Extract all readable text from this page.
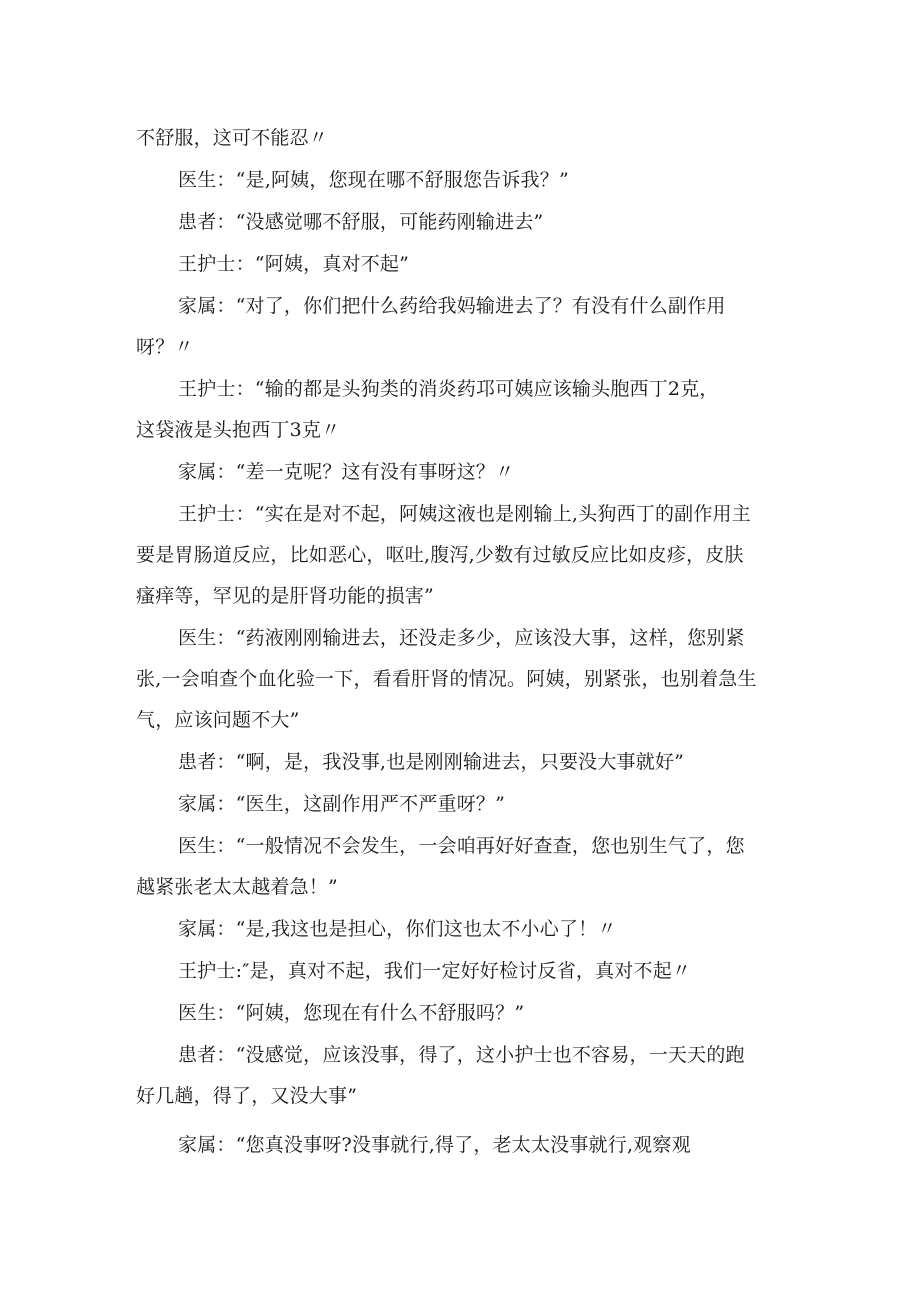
不舒服，这可不能忍〃
医生：“是,阿姨，您现在哪不舒服您告诉我？”
患者：“没感觉哪不舒服，可能药刚输进去”
王护士：“阿姨，真对不起”
家属：“对了，你们把什么药给我妈输进去了？有没有什么副作用
呀？〃
王护士：“输的都是头狗类的消炎药邛可姨应该输头胞西丁2克，
这袋液是头抱西丁3克〃
家属：“差一克呢？这有没有事呀这？〃
王护士：“实在是对不起，阿姨这液也是刚输上,头狗西丁的副作用主
要是胃肠道反应，比如恶心，呕吐,腹泻,少数有过敏反应比如皮疹，皮肤
瘙痒等，罕见的是肝肾功能的损害”
医生：“药液刚刚输进去，还没走多少，应该没大事，这样，您别紧
张,一会咱查个血化验一下，看看肝肾的情况。阿姨，别紧张，也别着急生
气，应该问题不大”
患者：“啊，是，我没事,也是刚刚输进去，只要没大事就好”
家属：“医生，这副作用严不严重呀？”
医生：“一般情况不会发生，一会咱再好好查查，您也别生气了，您
越紧张老太太越着急！”
家属：“是,我这也是担心，你们这也太不小心了！〃
王护士:″是，真对不起，我们一定好好检讨反省，真对不起〃
医生：“阿姨，您现在有什么不舒服吗？”
患者：“没感觉，应该没事，得了，这小护士也不容易，一天天的跑
好几趟，得了，又没大事”
家属：“您真没事呀?没事就行,得了，老太太没事就行,观察观
